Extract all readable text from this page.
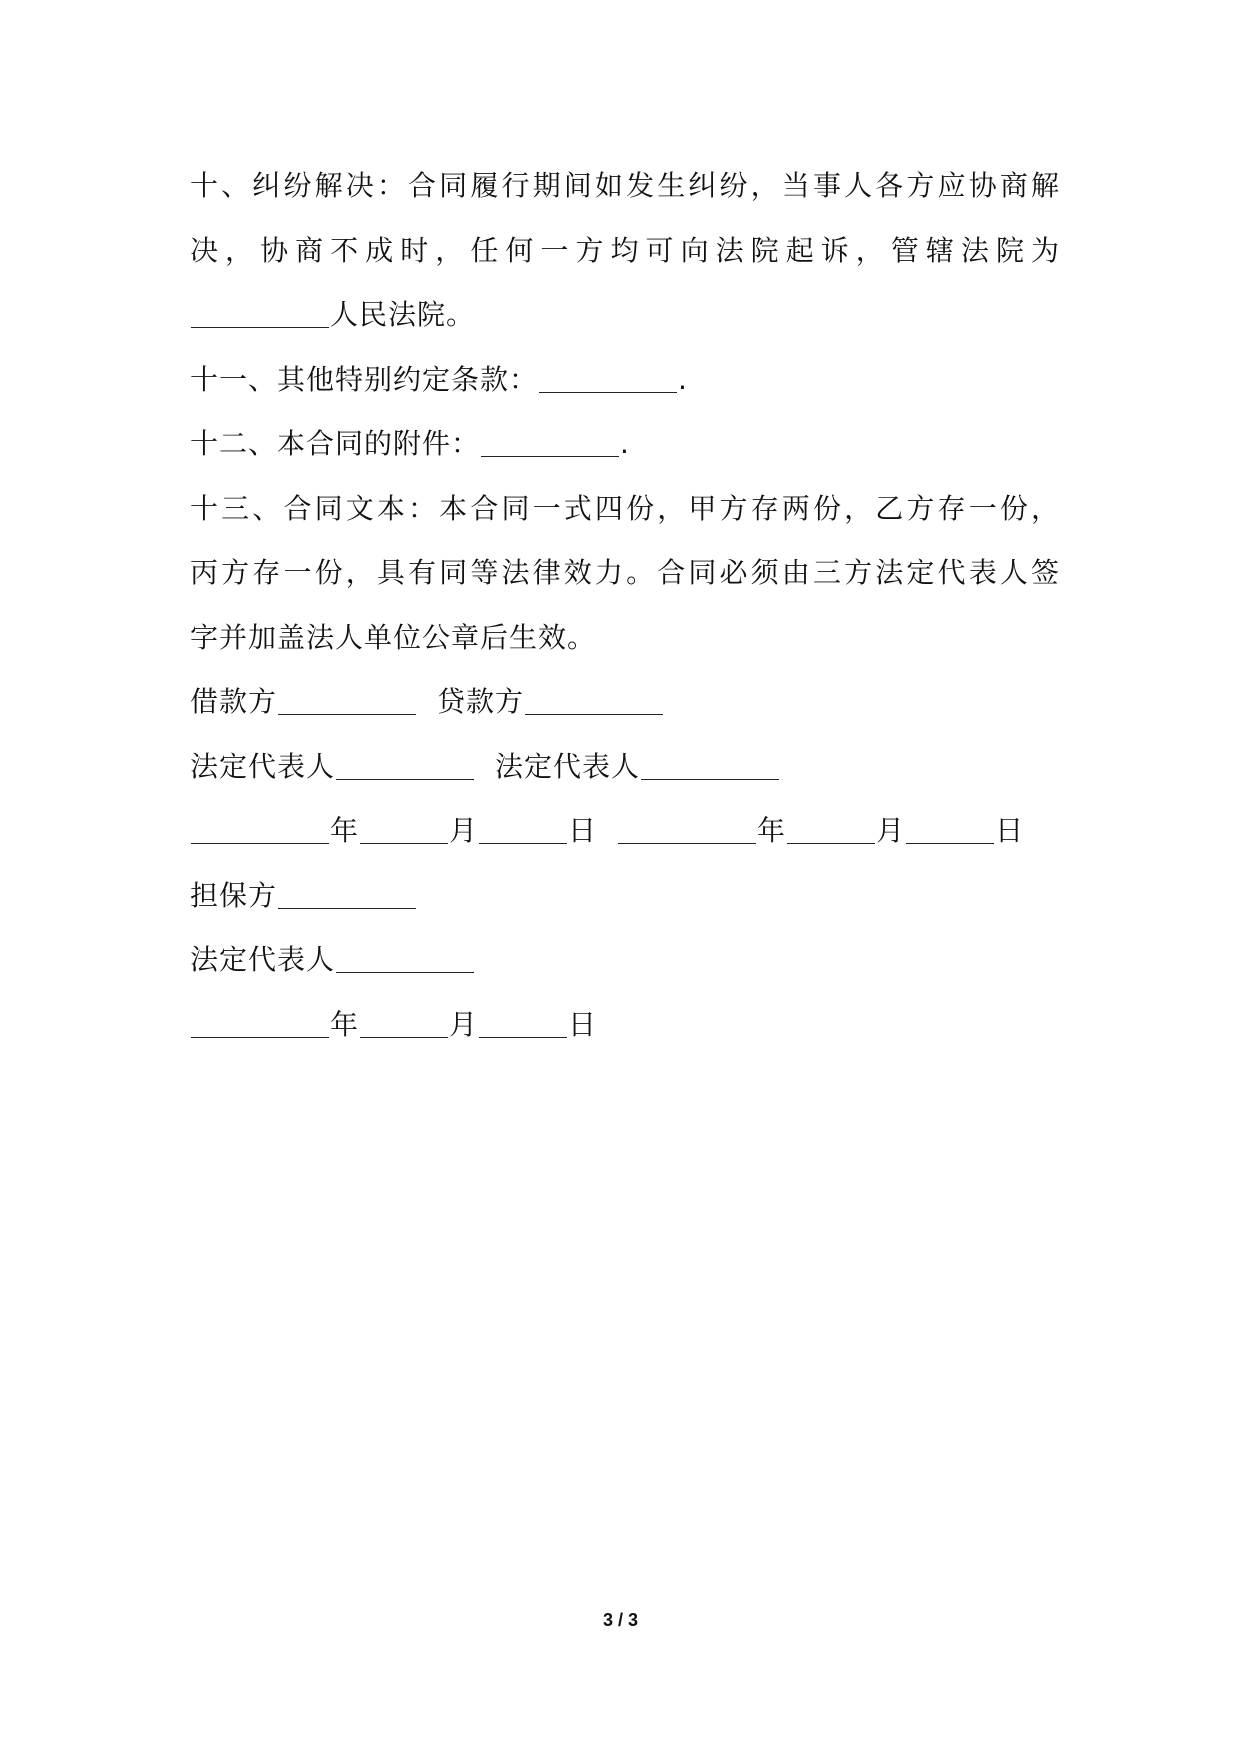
十、纠纷解决：合同履行期间如发生纠纷，当事人各方应协商解
决，协商不成时，任何一方均可向法院起诉，管辖法院为
人民法院。
十一、其他特别约定条款：	.
十二、本合同的附件：	.
十三、合同文本：本合同一式四份，甲方存两份，乙方存一份，
丙方存一份，具有同等法律效力。合同必须由三方法定代表人签
字并加盖法人单位公章后生效。
借款方	贷款方
法定代表人	法定代表人
年	月	日	年	月	日
担保方
法定代表人
年	月	日
3 / 3
